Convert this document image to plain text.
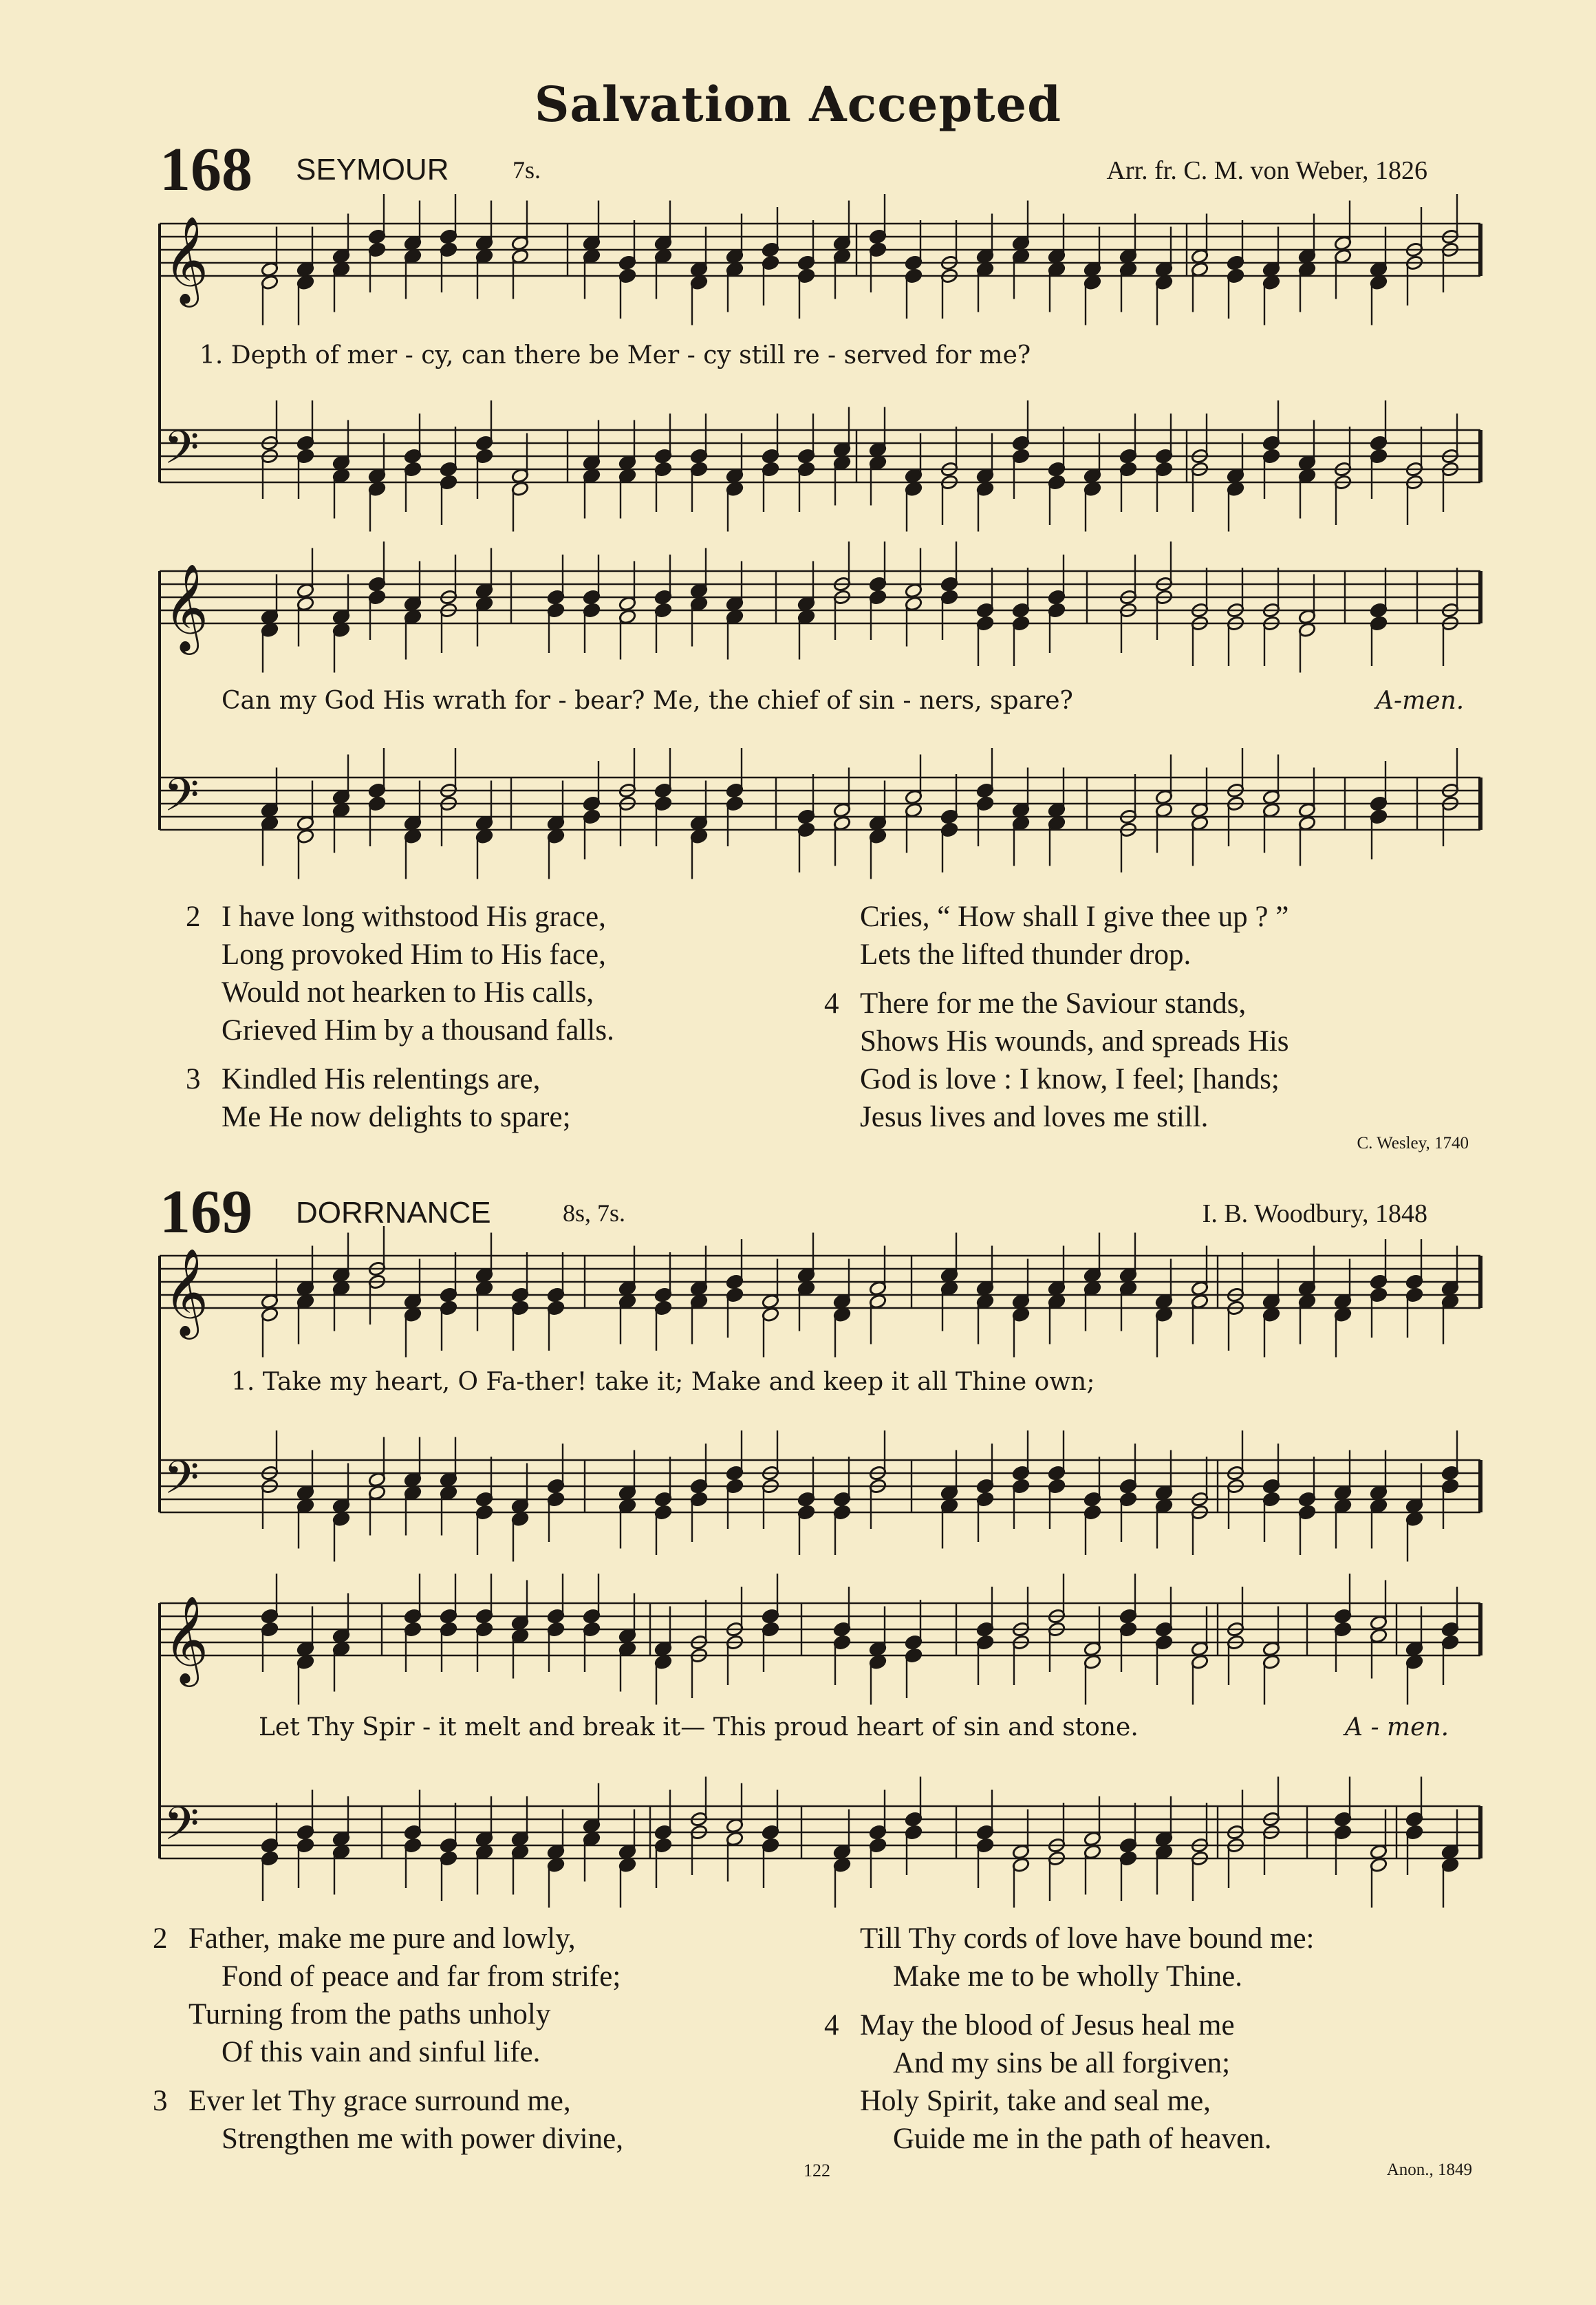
Salvation Accepted
168 SEYMOUR	7s.	Arr. fr. C. M. von Weber, 1826
𝄞
𝄢
𝄞
𝄢
𝄞
𝄢
𝄞
𝄢
1. Depth of mer - cy, can there be Mer - cy still re - served for me?
Can my God His wrath for - bear? Me, the chief of sin - ners, spare?	A-men.
2 I have long withstood His grace,
Long provoked Him to His face,
Would not hearken to His calls,
Grieved Him by a thousand falls.
3 Kindled His relentings are,
Me He now delights to spare;
Cries, “ How shall I give thee up ? ”
Lets the lifted thunder drop.
4 There for me the Saviour stands,
Shows His wounds, and spreads His
God is love : I know, I feel; [hands;
Jesus lives and loves me still.
C. Wesley, 1740
169 DORRNANCE	8s, 7s.	I. B. Woodbury, 1848
1. Take my heart, O Fa-ther! take it; Make and keep it all Thine own;
Let Thy Spir - it melt and break it— This proud heart of sin and stone.	A - men.
2 Father, make me pure and lowly,
Fond of peace and far from strife;
Turning from the paths unholy
Of this vain and sinful life.
3 Ever let Thy grace surround me,
Strengthen me with power divine,
Till Thy cords of love have bound me:
Make me to be wholly Thine.
4 May the blood of Jesus heal me
And my sins be all forgiven;
Holy Spirit, take and seal me,
Guide me in the path of heaven.
122	Anon., 1849
